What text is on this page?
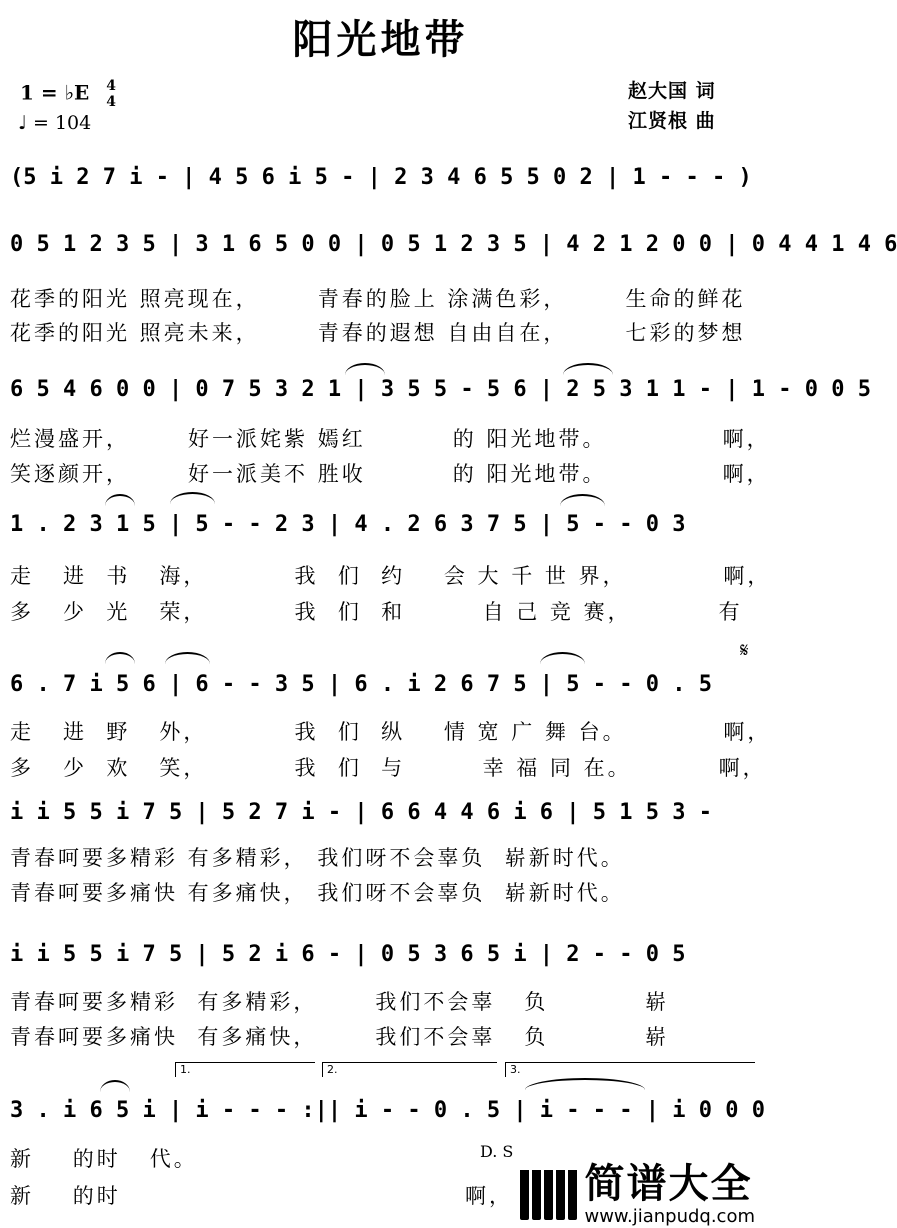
阳光地带
1 = ♭E 4
4
♩ = 104
赵大国 词
江贤根 曲
(5 i 2 7 i - | 4 5 6 i 5 - | 2 3 4 6 5 5 0 2 | 1 - - - )
0 5 1 2 3 5 | 3 1 6 5 0 0 | 0 5 1 2 3 5 | 4 2 1 2 0 0 | 0 4 4 1 4 6
花季的阳光 照亮现在，      青春的脸上 涂满色彩，      生命的鲜花
花季的阳光 照亮未来，      青春的遐想 自由自在，      七彩的梦想
6 5 4 6 0 0 | 0 7 5 3 2 1 | 3 5 5 - 5 6 | 2 5 3 1 1 - | 1 - 0 0 5
烂漫盛开，      好一派姹紫 嫣红         的 阳光地带。            啊，
笑逐颜开，      好一派美不 胜收         的 阳光地带。            啊，
1 . 2 3 1 5 | 5 - - 2 3 | 4 . 2 6 3 7 5 | 5 - - 0 3
走   进  书   海，         我  们  约    会 大 千 世 界，          啊，
多   少  光   荣，         我  们  和        自 己 竞 赛，         有
𝄋
6 . 7 i 5 6 | 6 - - 3 5 | 6 . i 2 6 7 5 | 5 - - 0 . 5
走   进  野   外，         我  们  纵    情 宽 广 舞 台。          啊，
多   少  欢   笑，         我  们  与        幸 福 同 在。         啊，
i i 5 5 i 7 5 | 5 2 7 i - | 6 6 4 4 6 i 6 | 5 1 5 3 -
青春呵要多精彩 有多精彩， 我们呀不会辜负  崭新时代。
青春呵要多痛快 有多痛快， 我们呀不会辜负  崭新时代。
i i 5 5 i 7 5 | 5 2 i 6 - | 0 5 3 6 5 i | 2 - - 0 5
青春呵要多精彩  有多精彩，      我们不会辜   负          崭
青春呵要多痛快  有多痛快，      我们不会辜   负          崭
1.	2.	3.
3 . i 6 5 i | i - - - :|| i - - 0 . 5 | i - - - | i 0 0 0
新    的时   代。
新    的时
D. S
啊， 简谱大全
www.jianpudq.com
